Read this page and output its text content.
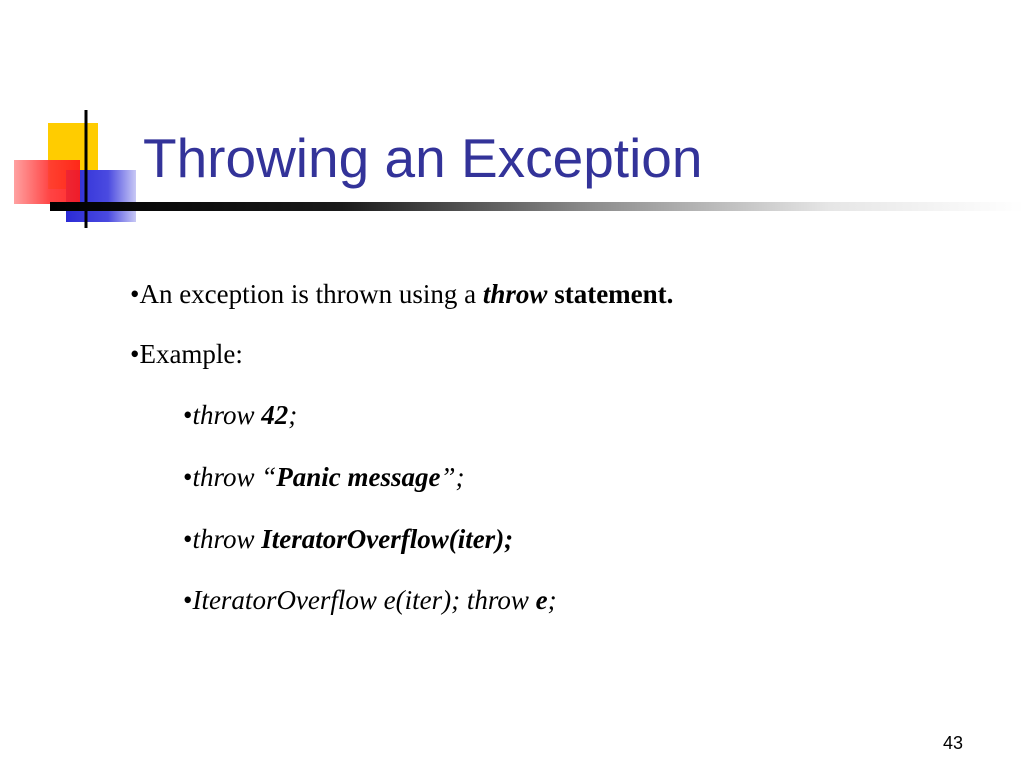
Throwing an Exception
•An exception is thrown using a throw statement.
•Example:
•throw 42;
•throw “Panic message”;
•throw IteratorOverflow(iter);
•IteratorOverflow e(iter); throw e;
43
